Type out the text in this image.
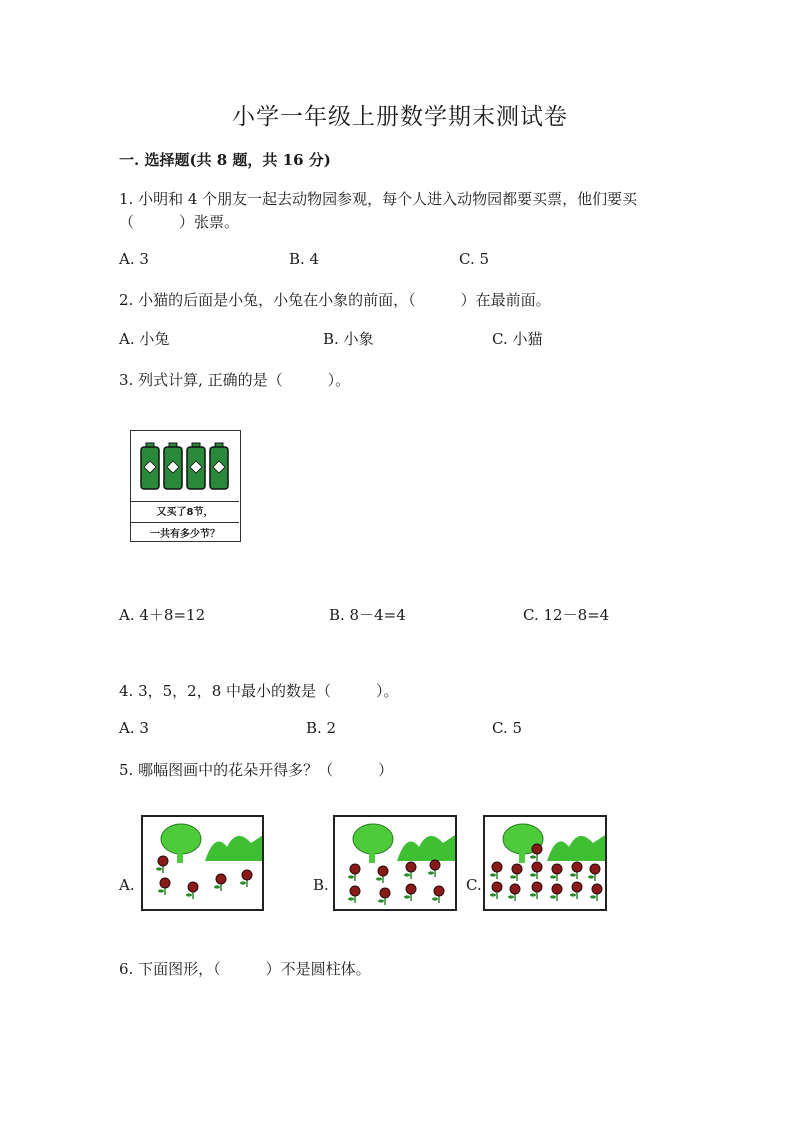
小学一年级上册数学期末测试卷
一. 选择题(共 8 题，共 16 分)
1. 小明和 4 个朋友一起去动物园参观，每个人进入动物园都要买票，他们要买
（　　　）张票。
A. 3	B. 4	C. 5
2. 小猫的后面是小兔，小兔在小象的前面，（　　　）在最前面。
A. 小兔	B. 小象	C. 小猫
3. 列式计算, 正确的是（　　　）。
又买了8节，
一共有多少节？
A. 4＋8=12	B. 8－4=4	C. 12－8=4
4. 3，5，2，8 中最小的数是（　　　）。
A. 3	B. 2	C. 5
5. 哪幅图画中的花朵开得多？（　　　）
A.	B.	C.
6. 下面图形，（　　　）不是圆柱体。
